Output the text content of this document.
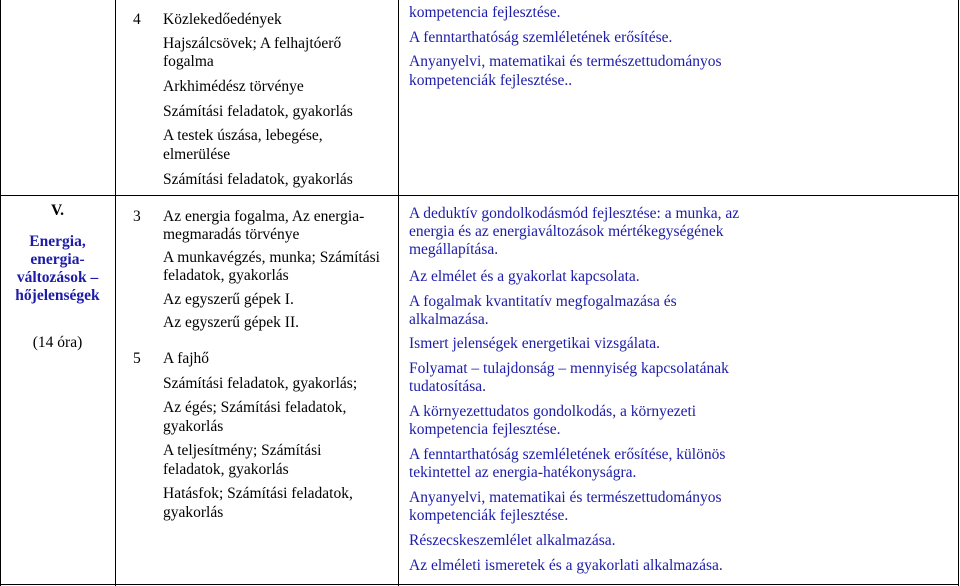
4 Közlekedőedények
Hajszálcsövek; A felhajtóerő
fogalma
Arkhimédész törvénye
Számítási feladatok, gyakorlás
A testek úszása, lebegése,
elmerülése
Számítási feladatok, gyakorlás
kompetencia fejlesztése.
A fenntarthatóság szemléletének erősítése.
Anyanyelvi, matematikai és természettudományos
kompetenciák fejlesztése..
V.
Energia,
energia-
változások –
hőjelenségek
(14 óra)
3 Az energia fogalma, Az energia-
megmaradás törvénye
A munkavégzés, munka; Számítási
feladatok, gyakorlás
Az egyszerű gépek I.
Az egyszerű gépek II.
5 A fajhő
Számítási feladatok, gyakorlás;
Az égés; Számítási feladatok,
gyakorlás
A teljesítmény; Számítási
feladatok, gyakorlás
Hatásfok; Számítási feladatok,
gyakorlás
A deduktív gondolkodásmód fejlesztése: a munka, az
energia és az energiaváltozások mértékegységének
megállapítása.
Az elmélet és a gyakorlat kapcsolata.
A fogalmak kvantitatív megfogalmazása és
alkalmazása.
Ismert jelenségek energetikai vizsgálata.
Folyamat – tulajdonság – mennyiség kapcsolatának
tudatosítása.
A környezettudatos gondolkodás, a környezeti
kompetencia fejlesztése.
A fenntarthatóság szemléletének erősítése, különös
tekintettel az energia-hatékonyságra.
Anyanyelvi, matematikai és természettudományos
kompetenciák fejlesztése.
Részecskeszemlélet alkalmazása.
Az elméleti ismeretek és a gyakorlati alkalmazása.
